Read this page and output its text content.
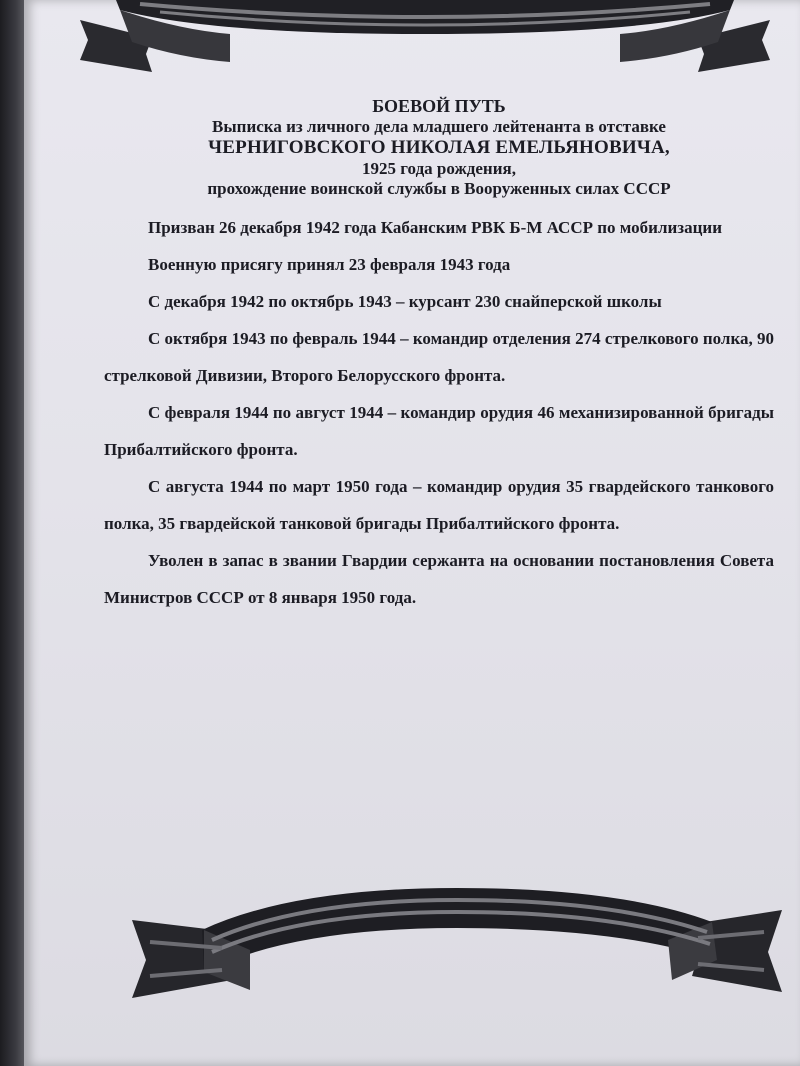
БОЕВОЙ ПУТЬ

Выписка из личного дела младшего лейтенанта в отставке

ЧЕРНИГОВСКОГО НИКОЛАЯ ЕМЕЛЬЯНОВИЧА,

1925 года рождения,

прохождение воинской службы в Вооруженных силах СССР

Призван 26 декабря 1942 года Кабанским РВК Б-М АССР по мобилизации

Военную присягу принял 23 февраля 1943 года

С декабря 1942 по октябрь 1943 – курсант 230 снайперской школы

С октября 1943 по февраль 1944 – командир отделения 274 стрелкового полка, 90 стрелковой Дивизии, Второго Белорусского фронта.

С февраля 1944 по август 1944 – командир орудия 46 механизированной бригады Прибалтийского фронта.

С августа 1944 по март 1950 года – командир орудия 35 гвардейского танкового полка, 35 гвардейской танковой бригады Прибалтийского фронта.

Уволен в запас в звании Гвардии сержанта на основании постановления Совета Министров СССР от 8 января 1950 года.
